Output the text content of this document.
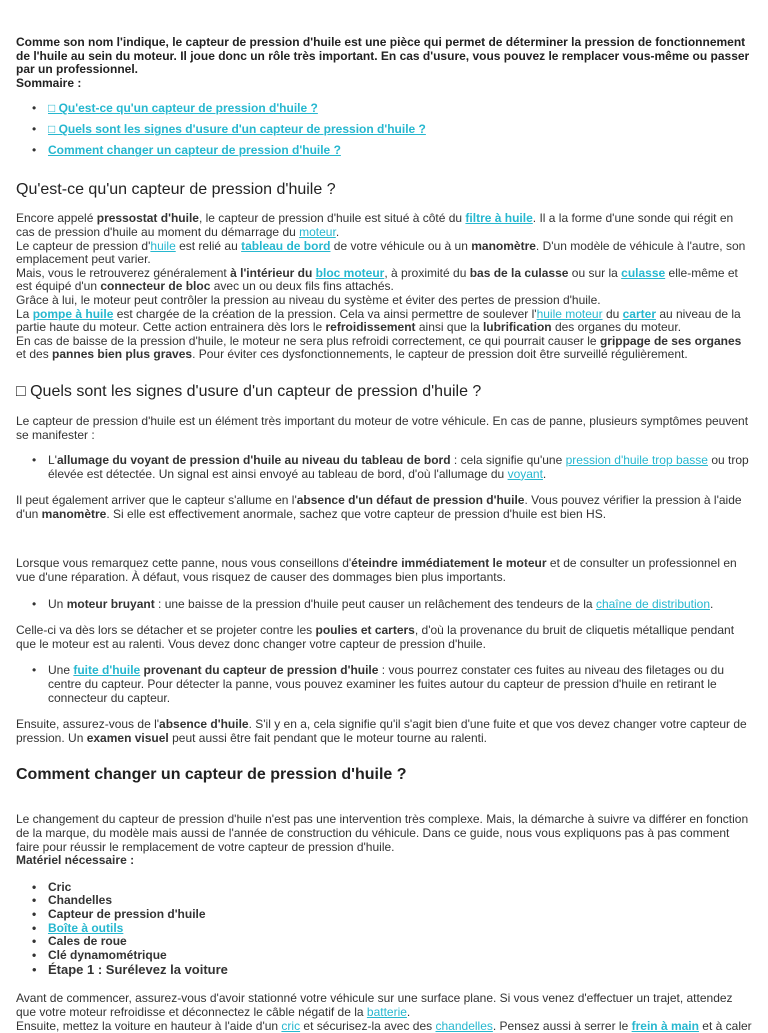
Comme son nom l'indique, le capteur de pression d'huile est une pièce qui permet de déterminer la pression de fonctionnement de l'huile au sein du moteur. Il joue donc un rôle très important. En cas d'usure, vous pouvez le remplacer vous-même ou passer par un professionnel.
Sommaire :

• □ Qu'est-ce qu'un capteur de pression d'huile ?
• □ Quels sont les signes d'usure d'un capteur de pression d'huile ?
• Comment changer un capteur de pression d'huile ?
Qu'est-ce qu'un capteur de pression d'huile ?

Encore appelé pressostat d'huile, le capteur de pression d'huile est situé à côté du filtre à huile. Il a la forme d'une sonde qui régit en cas de pression d'huile au moment du démarrage du moteur.

Le capteur de pression d'huile est relié au tableau de bord de votre véhicule ou à un manomètre. D'un modèle de véhicule à l'autre, son emplacement peut varier.

Mais, vous le retrouverez généralement à l'intérieur du bloc moteur, à proximité du bas de la culasse ou sur la culasse elle-même et est équipé d'un connecteur de bloc avec un ou deux fils fins attachés.

Grâce à lui, le moteur peut contrôler la pression au niveau du système et éviter des pertes de pression d'huile.

La pompe à huile est chargée de la création de la pression. Cela va ainsi permettre de soulever l'huile moteur du carter au niveau de la partie haute du moteur. Cette action entrainera dès lors le refroidissement ainsi que la lubrification des organes du moteur.

En cas de baisse de la pression d'huile, le moteur ne sera plus refroidi correctement, ce qui pourrait causer le grippage de ses organes et des pannes bien plus graves. Pour éviter ces dysfonctionnements, le capteur de pression doit être surveillé régulièrement.

□ Quels sont les signes d'usure d'un capteur de pression d'huile ?

Le capteur de pression d'huile est un élément très important du moteur de votre véhicule. En cas de panne, plusieurs symptômes peuvent se manifester :

• L'allumage du voyant de pression d'huile au niveau du tableau de bord : cela signifie qu'une pression d'huile trop basse ou trop élevée est détectée. Un signal est ainsi envoyé au tableau de bord, d'où l'allumage du voyant.

Il peut également arriver que le capteur s'allume en l'absence d'un défaut de pression d'huile. Vous pouvez vérifier la pression à l'aide d'un manomètre. Si elle est effectivement anormale, sachez que votre capteur de pression d'huile est bien HS.

Lorsque vous remarquez cette panne, nous vous conseillons d'éteindre immédiatement le moteur et de consulter un professionnel en vue d'une réparation. À défaut, vous risquez de causer des dommages bien plus importants.

• Un moteur bruyant : une baisse de la pression d'huile peut causer un relâchement des tendeurs de la chaîne de distribution.

Celle-ci va dès lors se détacher et se projeter contre les poulies et carters, d'où la provenance du bruit de cliquetis métallique pendant que le moteur est au ralenti. Vous devez donc changer votre capteur de pression d'huile.

• Une fuite d'huile provenant du capteur de pression d'huile : vous pourrez constater ces fuites au niveau des filetages ou du centre du capteur. Pour détecter la panne, vous pouvez examiner les fuites autour du capteur de pression d'huile en retirant le connecteur du capteur.

Ensuite, assurez-vous de l'absence d'huile. S'il y en a, cela signifie qu'il s'agit bien d'une fuite et que vos devez changer votre capteur de pression. Un examen visuel peut aussi être fait pendant que le moteur tourne au ralenti.

Comment changer un capteur de pression d'huile ?

Le changement du capteur de pression d'huile n'est pas une intervention très complexe. Mais, la démarche à suivre va différer en fonction de la marque, du modèle mais aussi de l'année de construction du véhicule. Dans ce guide, nous vous expliquons pas à pas comment faire pour réussir le remplacement de votre capteur de pression d'huile.
Matériel nécessaire :

• Cric
• Chandelles
• Capteur de pression d'huile
• Boîte à outils
• Cales de roue
• Clé dynamométrique
• Étape 1 : Surélevez la voiture

Avant de commencer, assurez-vous d'avoir stationné votre véhicule sur une surface plane. Si vous venez d'effectuer un trajet, attendez que votre moteur refroidisse et déconnectez le câble négatif de la batterie.

Ensuite, mettez la voiture en hauteur à l'aide d'un cric et sécurisez-la avec des chandelles. Pensez aussi à serrer le frein à main et à caler
